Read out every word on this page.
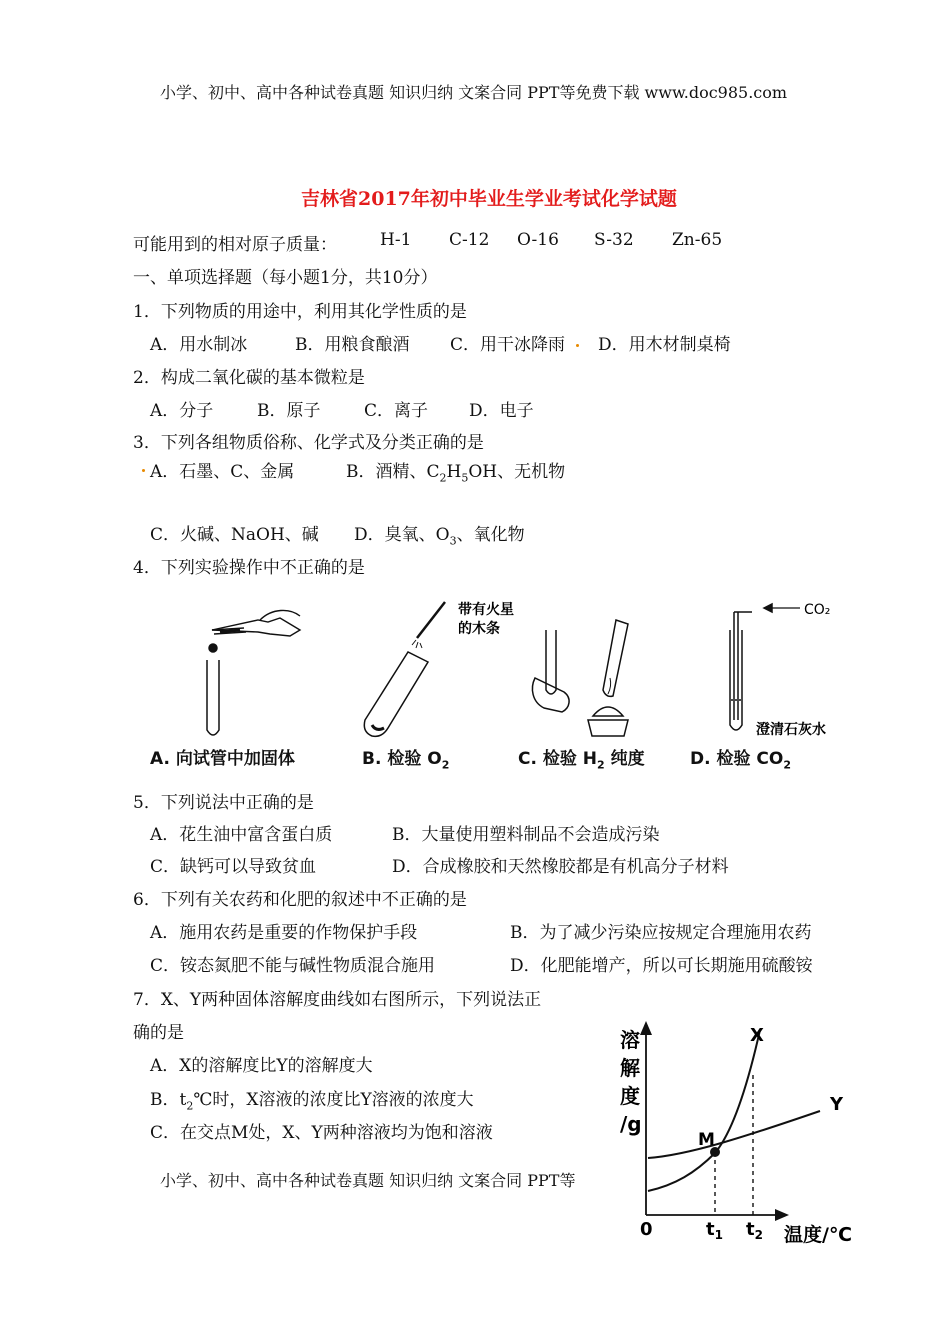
小学、初中、高中各种试卷真题 知识归纳 文案合同 PPT等免费下载 www.doc985.com
吉林省2017年初中毕业生学业考试化学试题
可能用到的相对原子质量：	H-1 C-12 O-16 S-32 Zn-65
一、单项选择题（每小题1分，共10分）
1．下列物质的用途中，利用其化学性质的是
A．用水制冰	B．用粮食酿酒 C．用干冰降雨 D．用木材制桌椅
2．构成二氧化碳的基本微粒是
A．分子	B．原子	C．离子 D．电子
3．下列各组物质俗称、化学式及分类正确的是
A．石墨、C、金属	B．酒精、$C_2H_5OH$、无机物
C．火碱、NaOH、碱 D．臭氧、$O_3$、氧化物
4．下列实验操作中不正确的是
带有火星
的木条
CO₂
澄清石灰水
A. 向试管中加固体	B. 检验 $O_2$	C. 检验 $H_2$ 纯度	D. 检验 $CO_2$
5．下列说法中正确的是
A．花生油中富含蛋白质	B．大量使用塑料制品不会造成污染
C．缺钙可以导致贫血	D．合成橡胶和天然橡胶都是有机高分子材料
6．下列有关农药和化肥的叙述中不正确的是
A．施用农药是重要的作物保护手段	B．为了减少污染应按规定合理施用农药
C．铵态氮肥不能与碱性物质混合施用	D．化肥能增产，所以可长期施用硫酸铵
7．X、Y两种固体溶解度曲线如右图所示，下列说法正
确的是
A．X的溶解度比Y的溶解度大
B．$t_2℃$时，X溶液的浓度比Y溶液的浓度大
C．在交点M处，X、Y两种溶液均为饱和溶液
小学、初中、高中各种试卷真题 知识归纳 文案合同 PPT等
溶
解
度
/g
X
Y
M
0	$t_1$ $t_2$ 温度/℃
